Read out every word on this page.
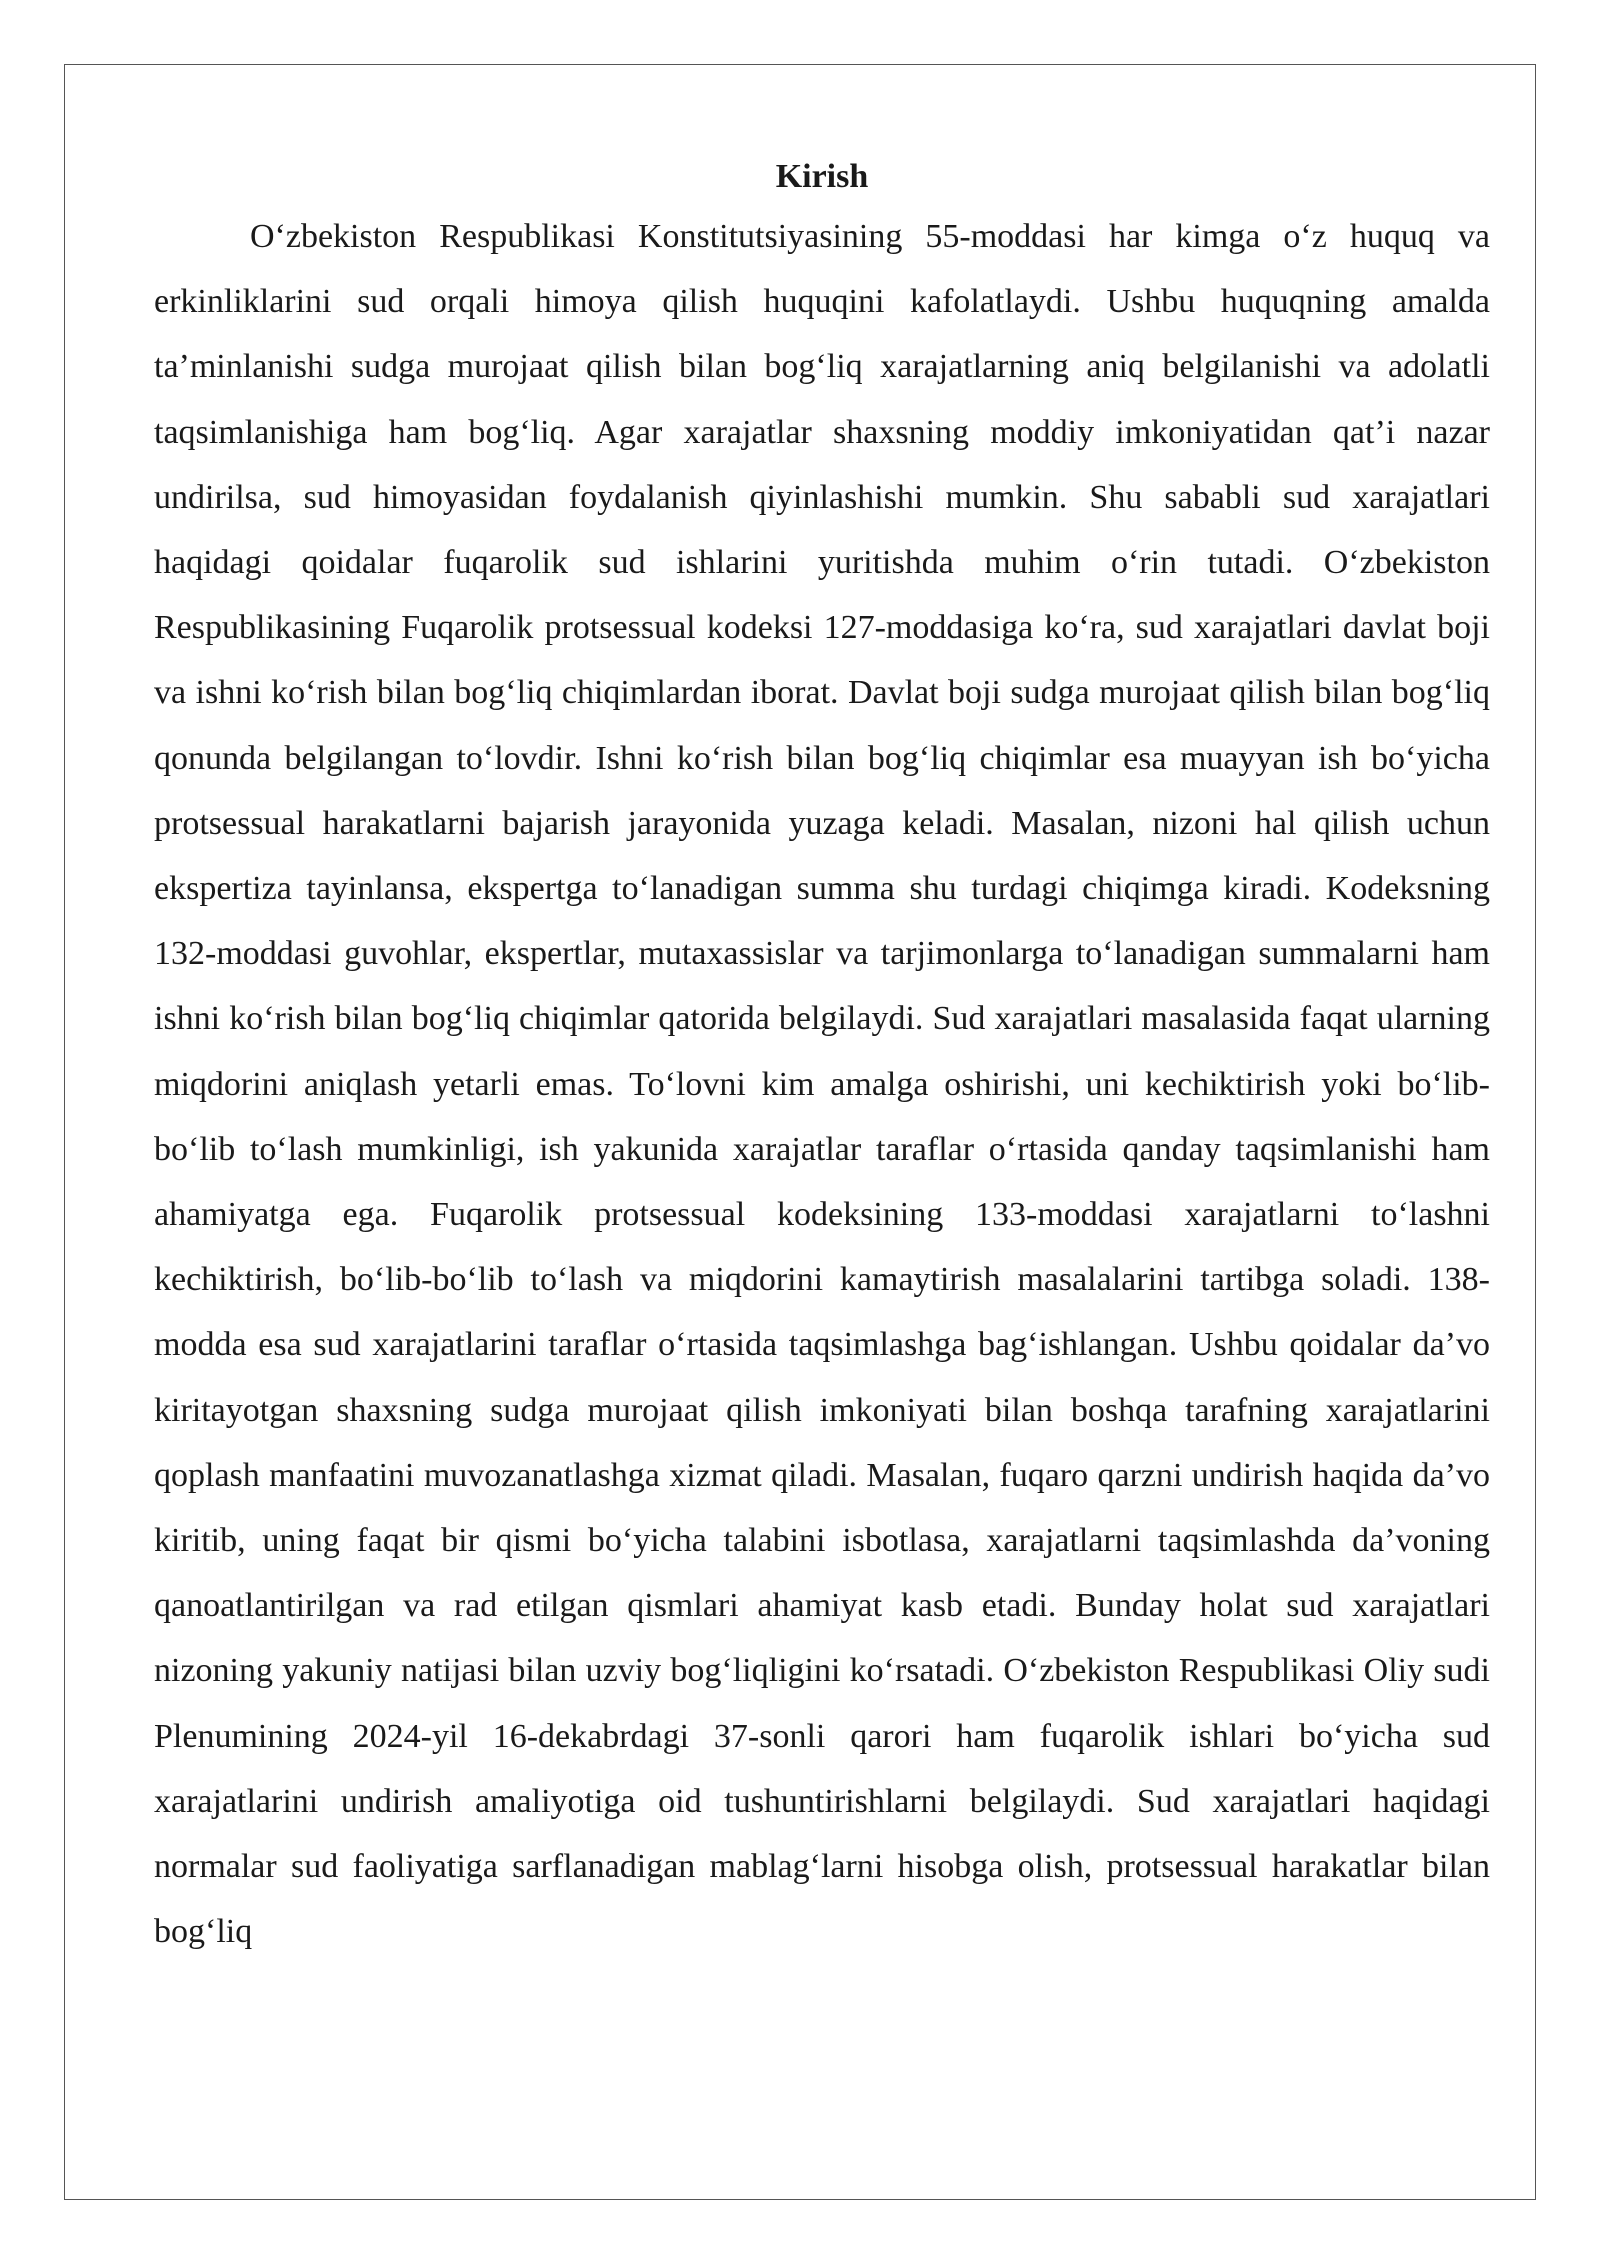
Kirish

O‘zbekiston Respublikasi Konstitutsiyasining 55-moddasi har kimga o‘z huquq va erkinliklarini sud orqali himoya qilish huquqini kafolatlaydi. Ushbu huquqning amalda ta’minlanishi sudga murojaat qilish bilan bog‘liq xarajatlarning aniq belgilanishi va adolatli taqsimlanishiga ham bog‘liq. Agar xarajatlar shaxsning moddiy imkoniyatidan qat’i nazar undirilsa, sud himoyasidan foydalanish qiyinlashishi mumkin. Shu sababli sud xarajatlari haqidagi qoidalar fuqarolik sud ishlarini yuritishda muhim o‘rin tutadi. O‘zbekiston Respublikasining Fuqarolik protsessual kodeksi 127-moddasiga ko‘ra, sud xarajatlari davlat boji va ishni ko‘rish bilan bog‘liq chiqimlardan iborat. Davlat boji sudga murojaat qilish bilan bog‘liq qonunda belgilangan to‘lovdir. Ishni ko‘rish bilan bog‘liq chiqimlar esa muayyan ish bo‘yicha protsessual harakatlarni bajarish jarayonida yuzaga keladi. Masalan, nizoni hal qilish uchun ekspertiza tayinlansa, ekspertga to‘lanadigan summa shu turdagi chiqimga kiradi. Kodeksning 132-moddasi guvohlar, ekspertlar, mutaxassislar va tarjimonlarga to‘lanadigan summalarni ham ishni ko‘rish bilan bog‘liq chiqimlar qatorida belgilaydi. Sud xarajatlari masalasida faqat ularning miqdorini aniqlash yetarli emas. To‘lovni kim amalga oshirishi, uni kechiktirish yoki bo‘lib-bo‘lib to‘lash mumkinligi, ish yakunida xarajatlar taraflar o‘rtasida qanday taqsimlanishi ham ahamiyatga ega. Fuqarolik protsessual kodeksining 133-moddasi xarajatlarni to‘lashni kechiktirish, bo‘lib-bo‘lib to‘lash va miqdorini kamaytirish masalalarini tartibga soladi. 138-modda esa sud xarajatlarini taraflar o‘rtasida taqsimlashga bag‘ishlangan. Ushbu qoidalar da’vo kiritayotgan shaxsning sudga murojaat qilish imkoniyati bilan boshqa tarafning xarajatlarini qoplash manfaatini muvozanatlashga xizmat qiladi. Masalan, fuqaro qarzni undirish haqida da’vo kiritib, uning faqat bir qismi bo‘yicha talabini isbotlasa, xarajatlarni taqsimlashda da’voning qanoatlantirilgan va rad etilgan qismlari ahamiyat kasb etadi. Bunday holat sud xarajatlari nizoning yakuniy natijasi bilan uzviy bog‘liqligini ko‘rsatadi. O‘zbekiston Respublikasi Oliy sudi Plenumining 2024-yil 16-dekabrdagi 37-sonli qarori ham fuqarolik ishlari bo‘yicha sud xarajatlarini undirish amaliyotiga oid tushuntirishlarni belgilaydi. Sud xarajatlari haqidagi normalar sud faoliyatiga sarflanadigan mablag‘larni hisobga olish, protsessual harakatlar bilan bog‘liq
